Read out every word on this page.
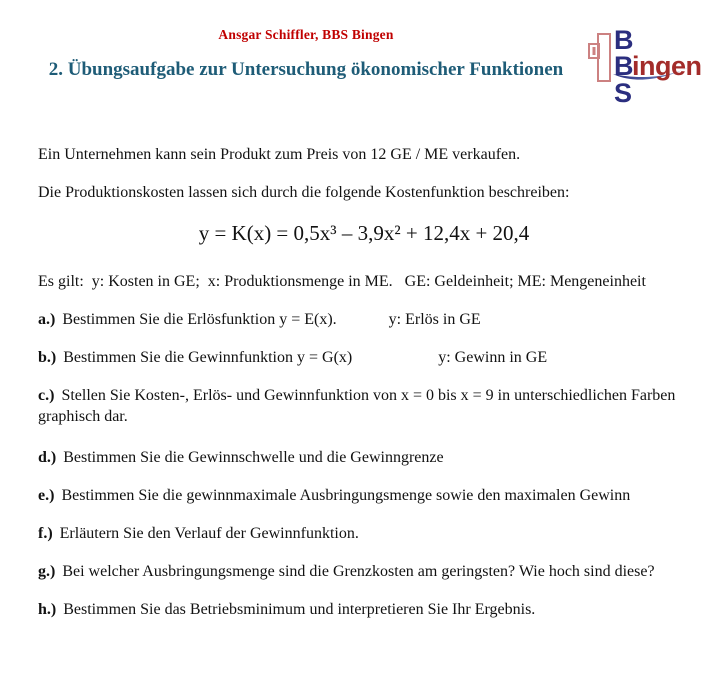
Ansgar Schiffler, BBS Bingen
2. Übungsaufgabe zur Untersuchung ökonomischer Funktionen
B
B
ingen
S

Ein Unternehmen kann sein Produkt zum Preis von 12 GE / ME verkaufen.

Die Produktionskosten lassen sich durch die folgende Kostenfunktion beschreiben:

y = K(x) = 0,5x³ – 3,9x² + 12,4x + 20,4

Es gilt:  y: Kosten in GE;  x: Produktionsmenge in ME.   GE: Geldeinheit; ME: Mengeneinheit

a.) Bestimmen Sie die Erlösfunktion y = E(x).	y: Erlös in GE
b.) Bestimmen Sie die Gewinnfunktion y = G(x)	y: Gewinn in GE
c.) Stellen Sie Kosten-, Erlös- und Gewinnfunktion von x = 0 bis x = 9 in unterschiedlichen Farben graphisch dar.
d.) Bestimmen Sie die Gewinnschwelle und die Gewinngrenze
e.) Bestimmen Sie die gewinnmaximale Ausbringungsmenge sowie den maximalen Gewinn
f.) Erläutern Sie den Verlauf der Gewinnfunktion.
g.) Bei welcher Ausbringungsmenge sind die Grenzkosten am geringsten? Wie hoch sind diese?
h.) Bestimmen Sie das Betriebsminimum und interpretieren Sie Ihr Ergebnis.
